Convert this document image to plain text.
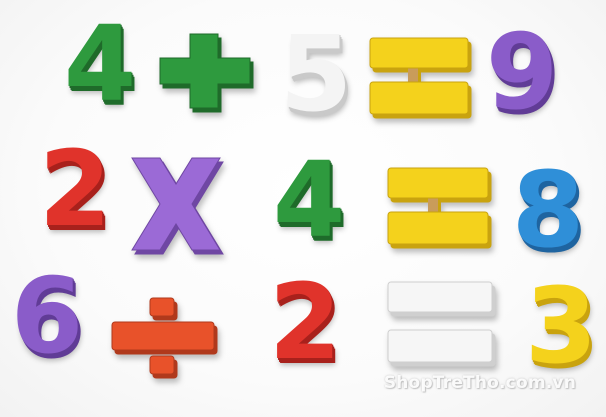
4 5 9
2 4 8
6 2 3
ShopTreTho.com.vn
